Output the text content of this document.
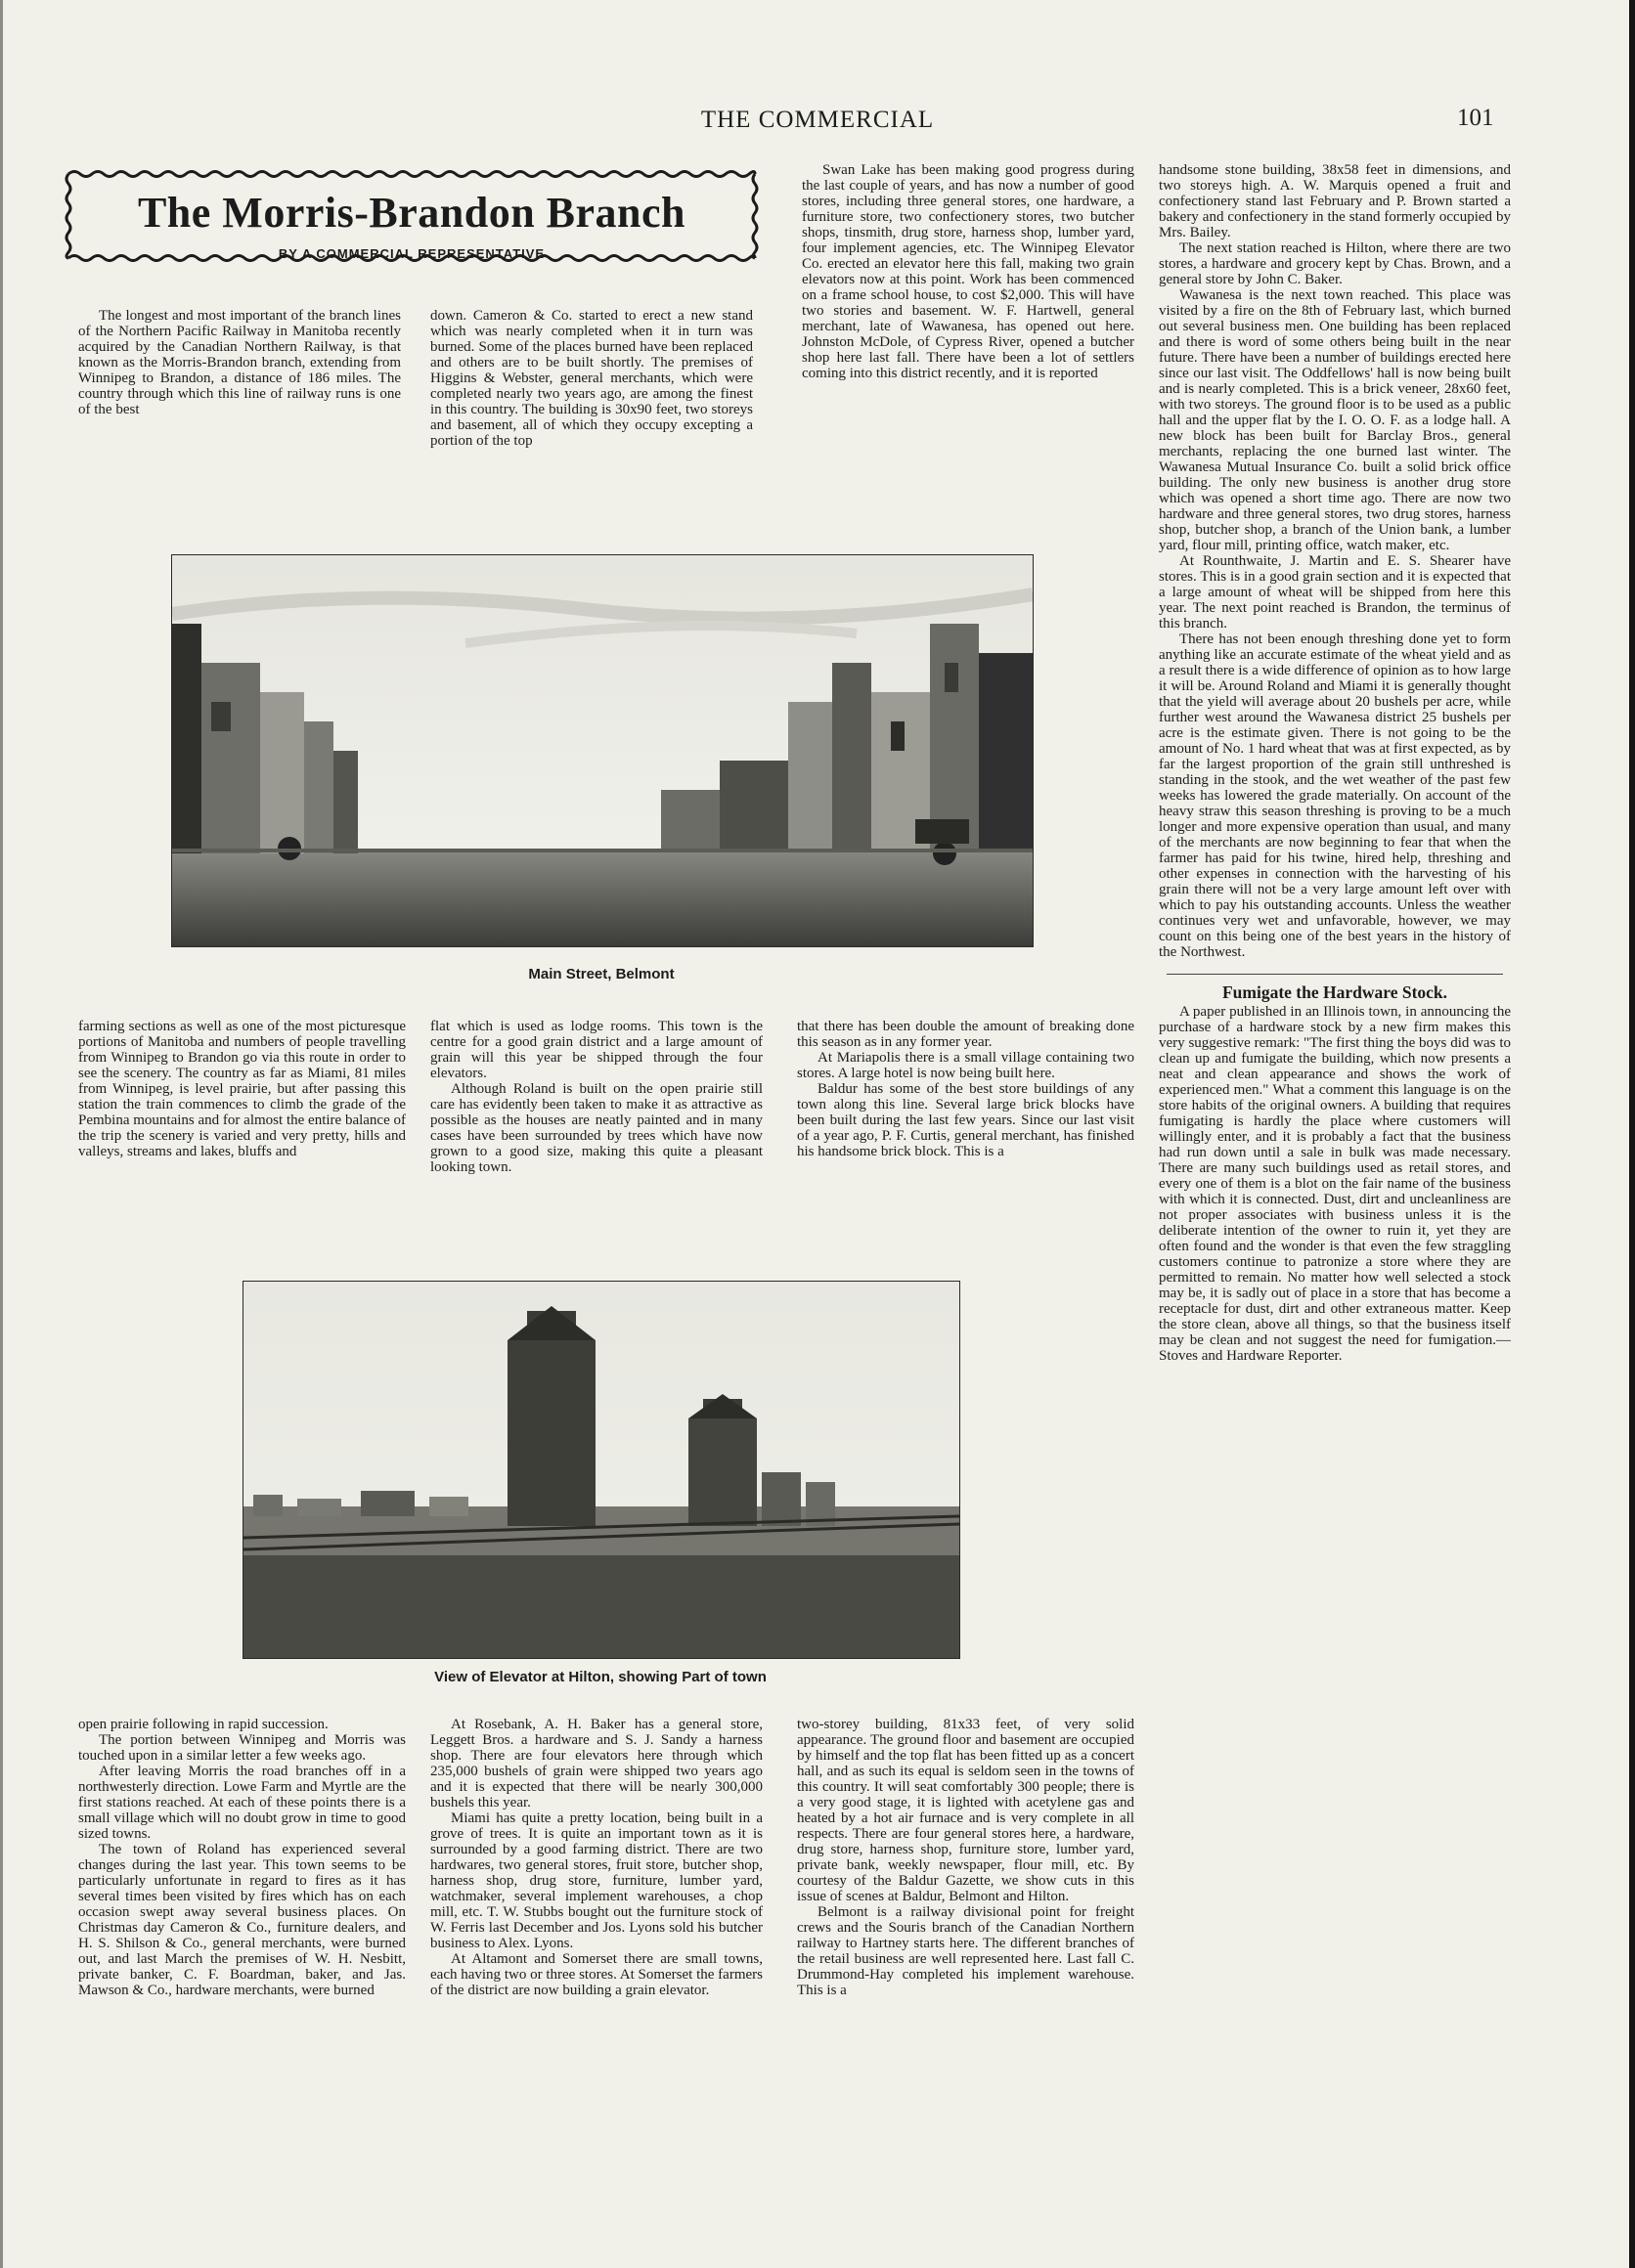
THE COMMERCIAL	101
The Morris-Brandon Branch
BY A COMMERCIAL REPRESENTATIVE

The longest and most important of the branch lines of the Northern Pacific Railway in Manitoba recently acquired by the Canadian Northern Railway, is that known as the Morris-Brandon branch, extending from Winnipeg to Brandon, a distance of 186 miles. The country through which this line of railway runs is one of the best

down. Cameron & Co. started to erect a new stand which was nearly completed when it in turn was burned. Some of the places burned have been replaced and others are to be built shortly. The premises of Higgins & Webster, general merchants, which were completed nearly two years ago, are among the finest in this country. The building is 30x90 feet, two storeys and basement, all of which they occupy excepting a portion of the top

Swan Lake has been making good progress during the last couple of years, and has now a number of good stores, including three general stores, one hardware, a furniture store, two confectionery stores, two butcher shops, tinsmith, drug store, harness shop, lumber yard, four implement agencies, etc. The Winnipeg Elevator Co. erected an elevator here this fall, making two grain elevators now at this point. Work has been commenced on a frame school house, to cost $2,000. This will have two stories and basement. W. F. Hartwell, general merchant, late of Wawanesa, has opened out here. Johnston McDole, of Cypress River, opened a butcher shop here last fall. There have been a lot of settlers coming into this district recently, and it is reported

Main Street, Belmont

farming sections as well as one of the most picturesque portions of Manitoba and numbers of people travelling from Winnipeg to Brandon go via this route in order to see the scenery. The country as far as Miami, 81 miles from Winnipeg, is level prairie, but after passing this station the train commences to climb the grade of the Pembina mountains and for almost the entire balance of the trip the scenery is varied and very pretty, hills and valleys, streams and lakes, bluffs and

flat which is used as lodge rooms. This town is the centre for a good grain district and a large amount of grain will this year be shipped through the four elevators.

Although Roland is built on the open prairie still care has evidently been taken to make it as attractive as possible as the houses are neatly painted and in many cases have been surrounded by trees which have now grown to a good size, making this quite a pleasant looking town.

that there has been double the amount of breaking done this season as in any former year.

At Mariapolis there is a small village containing two stores. A large hotel is now being built here.

Baldur has some of the best store buildings of any town along this line. Several large brick blocks have been built during the last few years. Since our last visit of a year ago, P. F. Curtis, general merchant, has finished his handsome brick block. This is a

View of Elevator at Hilton, showing Part of town

open prairie following in rapid succession.

The portion between Winnipeg and Morris was touched upon in a similar letter a few weeks ago.

After leaving Morris the road branches off in a northwesterly direction. Lowe Farm and Myrtle are the first stations reached. At each of these points there is a small village which will no doubt grow in time to good sized towns.

The town of Roland has experienced several changes during the last year. This town seems to be particularly unfortunate in regard to fires as it has several times been visited by fires which has on each occasion swept away several business places. On Christmas day Cameron & Co., furniture dealers, and H. S. Shilson & Co., general merchants, were burned out, and last March the premises of W. H. Nesbitt, private banker, C. F. Boardman, baker, and Jas. Mawson & Co., hardware merchants, were burned

At Rosebank, A. H. Baker has a general store, Leggett Bros. a hardware and S. J. Sandy a harness shop. There are four elevators here through which 235,000 bushels of grain were shipped two years ago and it is expected that there will be nearly 300,000 bushels this year.

Miami has quite a pretty location, being built in a grove of trees. It is quite an important town as it is surrounded by a good farming district. There are two hardwares, two general stores, fruit store, butcher shop, harness shop, drug store, furniture, lumber yard, watchmaker, several implement warehouses, a chop mill, etc. T. W. Stubbs bought out the furniture stock of W. Ferris last December and Jos. Lyons sold his butcher business to Alex. Lyons.

At Altamont and Somerset there are small towns, each having two or three stores. At Somerset the farmers of the district are now building a grain elevator.

two-storey building, 81x33 feet, of very solid appearance. The ground floor and basement are occupied by himself and the top flat has been fitted up as a concert hall, and as such its equal is seldom seen in the towns of this country. It will seat comfortably 300 people; there is a very good stage, it is lighted with acetylene gas and heated by a hot air furnace and is very complete in all respects. There are four general stores here, a hardware, drug store, harness shop, furniture store, lumber yard, private bank, weekly newspaper, flour mill, etc. By courtesy of the Baldur Gazette, we show cuts in this issue of scenes at Baldur, Belmont and Hilton.

Belmont is a railway divisional point for freight crews and the Souris branch of the Canadian Northern railway to Hartney starts here. The different branches of the retail business are well represented here. Last fall C. Drummond-Hay completed his implement warehouse. This is a

handsome stone building, 38x58 feet in dimensions, and two storeys high. A. W. Marquis opened a fruit and confectionery stand last February and P. Brown started a bakery and confectionery in the stand formerly occupied by Mrs. Bailey.

The next station reached is Hilton, where there are two stores, a hardware and grocery kept by Chas. Brown, and a general store by John C. Baker.

Wawanesa is the next town reached. This place was visited by a fire on the 8th of February last, which burned out several business men. One building has been replaced and there is word of some others being built in the near future. There have been a number of buildings erected here since our last visit. The Oddfellows' hall is now being built and is nearly completed. This is a brick veneer, 28x60 feet, with two storeys. The ground floor is to be used as a public hall and the upper flat by the I. O. O. F. as a lodge hall. A new block has been built for Barclay Bros., general merchants, replacing the one burned last winter. The Wawanesa Mutual Insurance Co. built a solid brick office building. The only new business is another drug store which was opened a short time ago. There are now two hardware and three general stores, two drug stores, harness shop, butcher shop, a branch of the Union bank, a lumber yard, flour mill, printing office, watch maker, etc.

At Rounthwaite, J. Martin and E. S. Shearer have stores. This is in a good grain section and it is expected that a large amount of wheat will be shipped from here this year. The next point reached is Brandon, the terminus of this branch.

There has not been enough threshing done yet to form anything like an accurate estimate of the wheat yield and as a result there is a wide difference of opinion as to how large it will be. Around Roland and Miami it is generally thought that the yield will average about 20 bushels per acre, while further west around the Wawanesa district 25 bushels per acre is the estimate given. There is not going to be the amount of No. 1 hard wheat that was at first expected, as by far the largest proportion of the grain still unthreshed is standing in the stook, and the wet weather of the past few weeks has lowered the grade materially. On account of the heavy straw this season threshing is proving to be a much longer and more expensive operation than usual, and many of the merchants are now beginning to fear that when the farmer has paid for his twine, hired help, threshing and other expenses in connection with the harvesting of his grain there will not be a very large amount left over with which to pay his outstanding accounts. Unless the weather continues very wet and unfavorable, however, we may count on this being one of the best years in the history of the Northwest.

Fumigate the Hardware Stock.

A paper published in an Illinois town, in announcing the purchase of a hardware stock by a new firm makes this very suggestive remark: "The first thing the boys did was to clean up and fumigate the building, which now presents a neat and clean appearance and shows the work of experienced men." What a comment this language is on the store habits of the original owners. A building that requires fumigating is hardly the place where customers will willingly enter, and it is probably a fact that the business had run down until a sale in bulk was made necessary. There are many such buildings used as retail stores, and every one of them is a blot on the fair name of the business with which it is connected. Dust, dirt and uncleanliness are not proper associates with business unless it is the deliberate intention of the owner to ruin it, yet they are often found and the wonder is that even the few straggling customers continue to patronize a store where they are permitted to remain. No matter how well selected a stock may be, it is sadly out of place in a store that has become a receptacle for dust, dirt and other extraneous matter. Keep the store clean, above all things, so that the business itself may be clean and not suggest the need for fumigation.—Stoves and Hardware Reporter.
